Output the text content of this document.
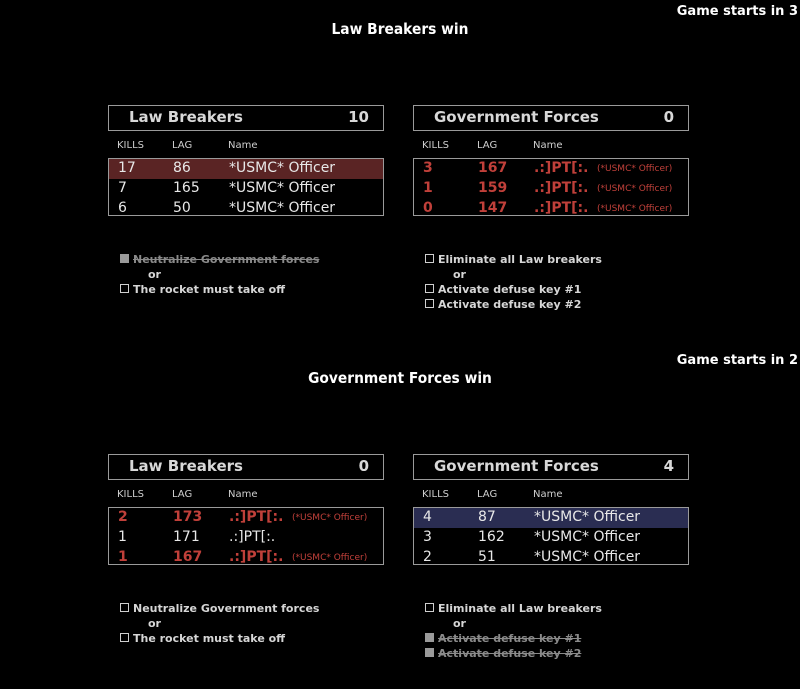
Game starts in 3
Law Breakers win
Law Breakers	10
KILLS	LAG	Name
17	86	*USMC* Officer
7	165 *USMC* Officer
6	50	*USMC* Officer
Government Forces	0
KILLS	LAG	Name
3	167 .:]PT[:. (*USMC* Officer)
1	159 .:]PT[:. (*USMC* Officer)
0	147 .:]PT[:. (*USMC* Officer)
Neutralize Government forces
or
The rocket must take off
Eliminate all Law breakers
or
Activate defuse key #1
Activate defuse key #2
Game starts in 2
Government Forces win
Law Breakers	0
KILLS	LAG	Name
2	173 .:]PT[:. (*USMC* Officer)
1	171 .:]PT[:.
1	167 .:]PT[:. (*USMC* Officer)
Government Forces	4
KILLS	LAG	Name
4	87	*USMC* Officer
3	162 *USMC* Officer
2	51	*USMC* Officer
Neutralize Government forces
or
The rocket must take off
Eliminate all Law breakers
or
Activate defuse key #1
Activate defuse key #2
